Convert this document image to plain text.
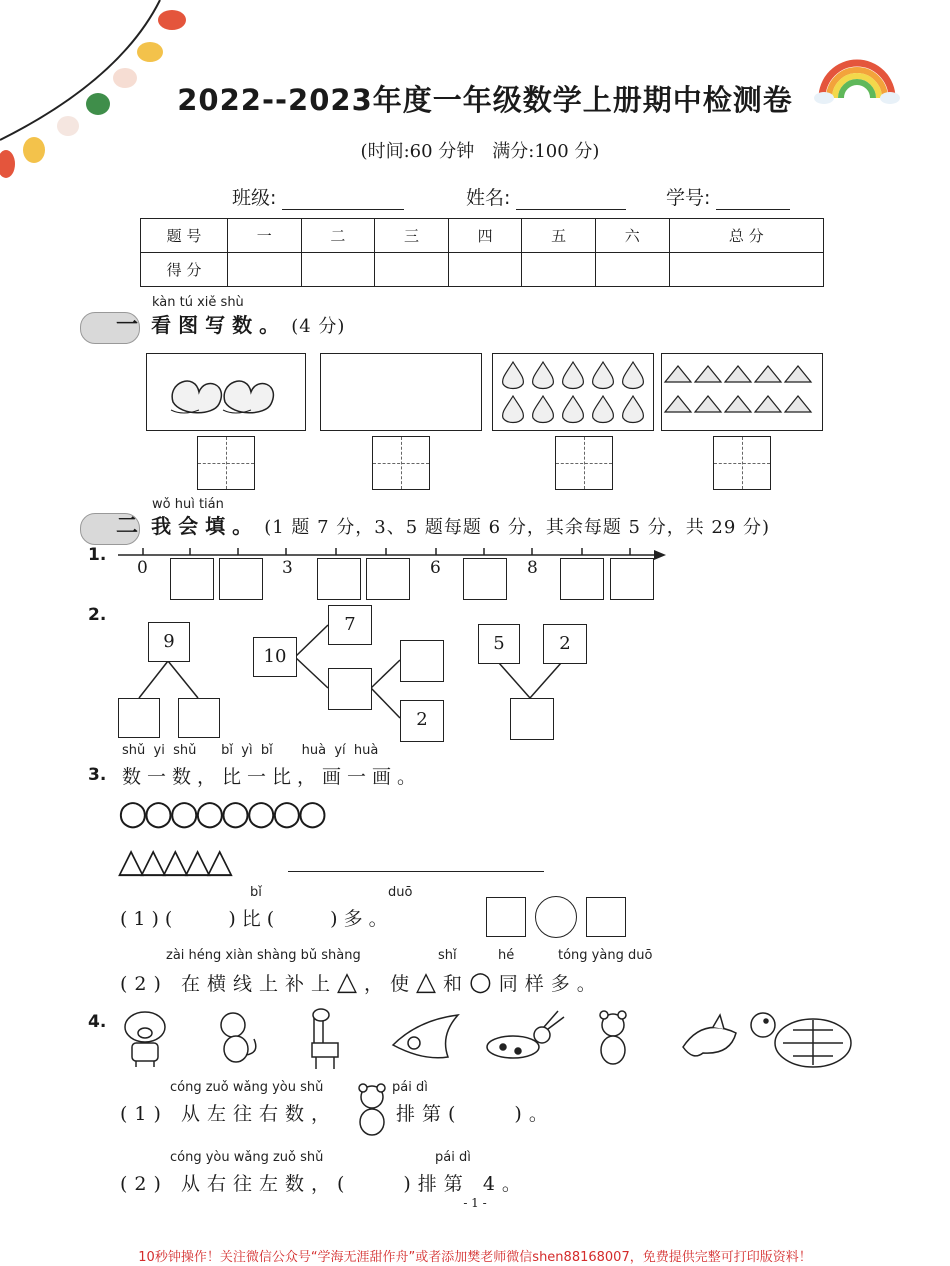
2022--2023年度一年级数学上册期中检测卷
(时间:60 分钟　满分:100 分)
班级:	姓名:	学号:
题 号	一	二	三	四	五	六	总 分
得 分							
kàn tú xiě shù
一 看图写数。 (4 分)
wǒ huì tián
二 我会填。 (1 题 7 分，3、5 题每题 6 分，其余每题 5 分，共 29 分)
1.
0	3	6	8
2.
9
10
7
2
5	2
shǔ  yi  shǔ      bǐ  yì  bǐ       huà  yí  huà
3. 数一数，比一比，画一画。
○○○○○○○○
△△△△△
bǐ	duō
(1)(　　)比(　　)多。
zài héng xiàn shàng bǔ shàng	shǐ	hé	tóng yàng duō
(2) 在横线上补上△，使△和○同样多。
4.
cóng zuǒ wǎng yòu shǔ	pái dì
(1) 从左往右数，	排第(　　)。
cóng yòu wǎng zuǒ shǔ	pái dì
(2) 从右往左数，(　　)排第 4。
- 1 -
10秒钟操作！关注微信公众号“学海无涯甜作舟”或者添加樊老师微信shen88168007，免费提供完整可打印版资料！
